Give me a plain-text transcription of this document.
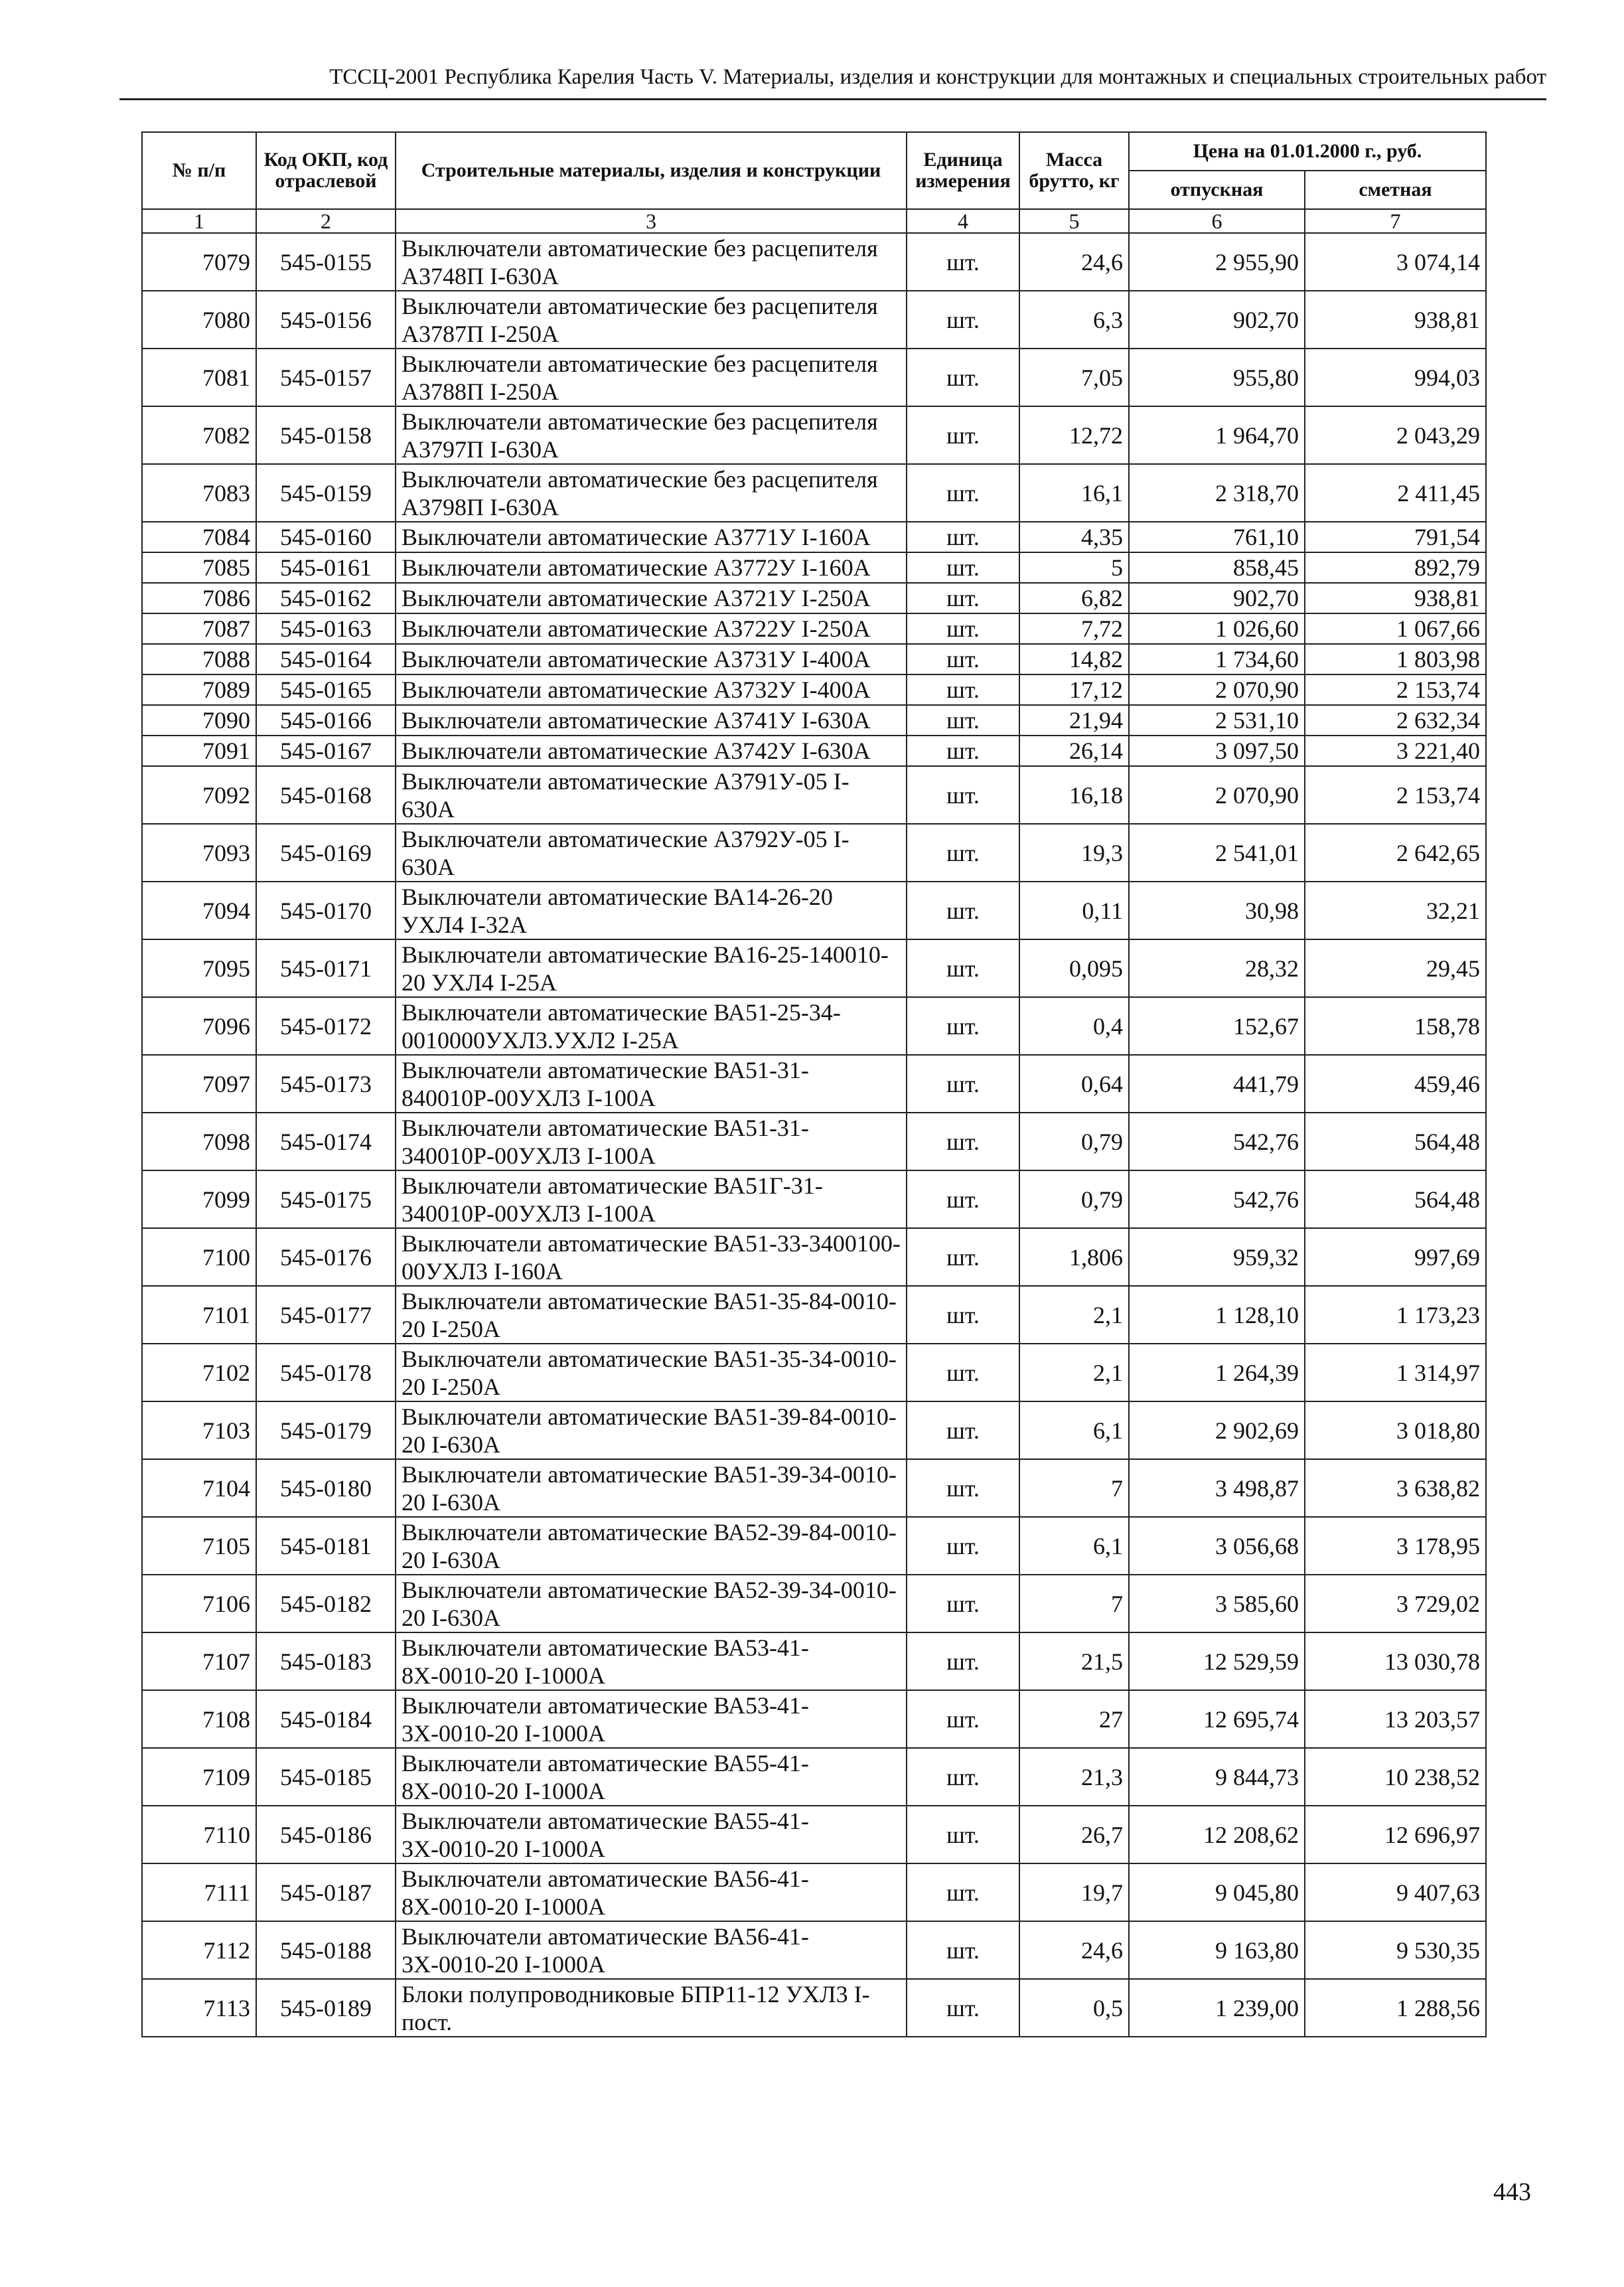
ТССЦ-2001 Республика Карелия Часть V. Материалы, изделия и конструкции для монтажных и специальных строительных работ
№ п/п	Код ОКП, код отраслевой	Строительные материалы, изделия и конструкции	Единица измерения	Масса брутто, кг	Цена на 01.01.2000 г., руб.	
					отпускная	сметная
1	2	3	4	5	6	7
7079	545-0155	Выключатели автоматические без расцепителя А3748П I-630А	шт.	24,6	2 955,90	3 074,14
7080	545-0156	Выключатели автоматические без расцепителя А3787П I-250А	шт.	6,3	902,70	938,81
7081	545-0157	Выключатели автоматические без расцепителя А3788П I-250А	шт.	7,05	955,80	994,03
7082	545-0158	Выключатели автоматические без расцепителя А3797П I-630А	шт.	12,72	1 964,70	2 043,29
7083	545-0159	Выключатели автоматические без расцепителя А3798П I-630А	шт.	16,1	2 318,70	2 411,45
7084	545-0160	Выключатели автоматические А3771У I-160А	шт.	4,35	761,10	791,54
7085	545-0161	Выключатели автоматические А3772У I-160А	шт.	5	858,45	892,79
7086	545-0162	Выключатели автоматические А3721У I-250А	шт.	6,82	902,70	938,81
7087	545-0163	Выключатели автоматические А3722У I-250А	шт.	7,72	1 026,60	1 067,66
7088	545-0164	Выключатели автоматические А3731У I-400А	шт.	14,82	1 734,60	1 803,98
7089	545-0165	Выключатели автоматические А3732У I-400А	шт.	17,12	2 070,90	2 153,74
7090	545-0166	Выключатели автоматические А3741У I-630А	шт.	21,94	2 531,10	2 632,34
7091	545-0167	Выключатели автоматические А3742У I-630А	шт.	26,14	3 097,50	3 221,40
7092	545-0168	Выключатели автоматические А3791У-05 I-630А	шт.	16,18	2 070,90	2 153,74
7093	545-0169	Выключатели автоматические А3792У-05 I-630А	шт.	19,3	2 541,01	2 642,65
7094	545-0170	Выключатели автоматические ВА14-26-20 УХЛ4 I-32А	шт.	0,11	30,98	32,21
7095	545-0171	Выключатели автоматические ВА16-25-140010-20 УХЛ4 I-25А	шт.	0,095	28,32	29,45
7096	545-0172	Выключатели автоматические ВА51-25-34-0010000УХЛ3.УХЛ2 I-25А	шт.	0,4	152,67	158,78
7097	545-0173	Выключатели автоматические ВА51-31-840010Р-00УХЛ3 I-100А	шт.	0,64	441,79	459,46
7098	545-0174	Выключатели автоматические ВА51-31-340010Р-00УХЛ3 I-100А	шт.	0,79	542,76	564,48
7099	545-0175	Выключатели автоматические ВА51Г-31-340010Р-00УХЛ3 I-100А	шт.	0,79	542,76	564,48
7100	545-0176	Выключатели автоматические ВА51-33-3400100-00УХЛ3 I-160А	шт.	1,806	959,32	997,69
7101	545-0177	Выключатели автоматические ВА51-35-84-0010-20 I-250А	шт.	2,1	1 128,10	1 173,23
7102	545-0178	Выключатели автоматические ВА51-35-34-0010-20 I-250А	шт.	2,1	1 264,39	1 314,97
7103	545-0179	Выключатели автоматические ВА51-39-84-0010-20 I-630А	шт.	6,1	2 902,69	3 018,80
7104	545-0180	Выключатели автоматические ВА51-39-34-0010-20 I-630А	шт.	7	3 498,87	3 638,82
7105	545-0181	Выключатели автоматические ВА52-39-84-0010-20 I-630А	шт.	6,1	3 056,68	3 178,95
7106	545-0182	Выключатели автоматические ВА52-39-34-0010-20 I-630А	шт.	7	3 585,60	3 729,02
7107	545-0183	Выключатели автоматические ВА53-41-8Х-0010-20 I-1000А	шт.	21,5	12 529,59	13 030,78
7108	545-0184	Выключатели автоматические ВА53-41-3Х-0010-20 I-1000А	шт.	27	12 695,74	13 203,57
7109	545-0185	Выключатели автоматические ВА55-41-8Х-0010-20 I-1000А	шт.	21,3	9 844,73	10 238,52
7110	545-0186	Выключатели автоматические ВА55-41-3Х-0010-20 I-1000А	шт.	26,7	12 208,62	12 696,97
7111	545-0187	Выключатели автоматические ВА56-41-8Х-0010-20 I-1000А	шт.	19,7	9 045,80	9 407,63
7112	545-0188	Выключатели автоматические ВА56-41-3Х-0010-20 I-1000А	шт.	24,6	9 163,80	9 530,35
7113	545-0189	Блоки полупроводниковые БПР11-12 УХЛ3 I-пост.	шт.	0,5	1 239,00	1 288,56
443
